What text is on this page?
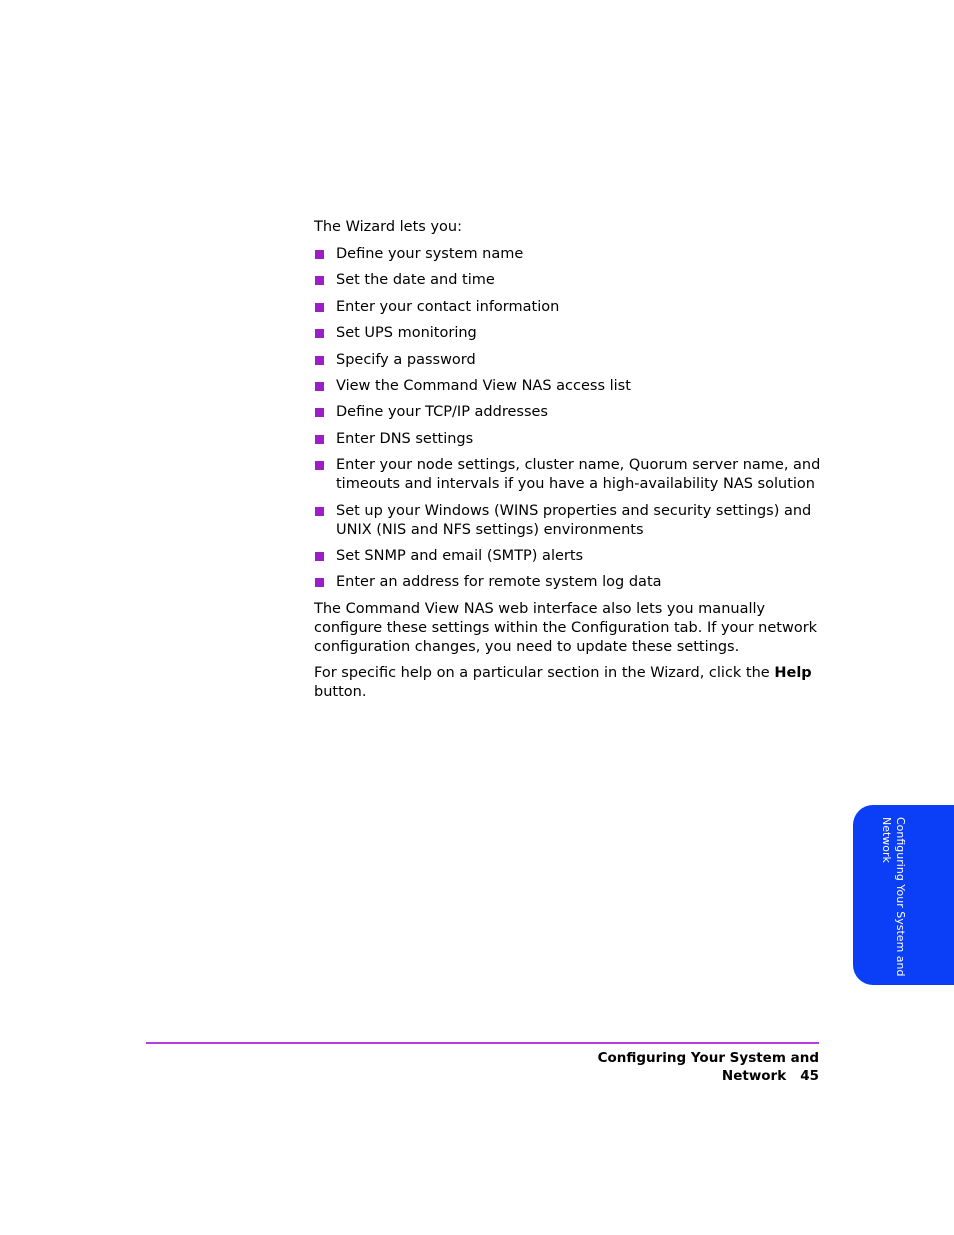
The Wizard lets you:

Define your system name
Set the date and time
Enter your contact information
Set UPS monitoring
Specify a password
View the Command View NAS access list
Define your TCP/IP addresses
Enter DNS settings
Enter your node settings, cluster name, Quorum server name, and timeouts and intervals if you have a high-availability NAS solution
Set up your Windows (WINS properties and security settings) and UNIX (NIS and NFS settings) environments
Set SNMP and email (SMTP) alerts
Enter an address for remote system log data

The Command View NAS web interface also lets you manually configure these settings within the Configuration tab. If your network configuration changes, you need to update these settings.

For specific help on a particular section in the Wizard, click the Help button.

Configuring Your System and Network
Configuring Your System and Network 45
